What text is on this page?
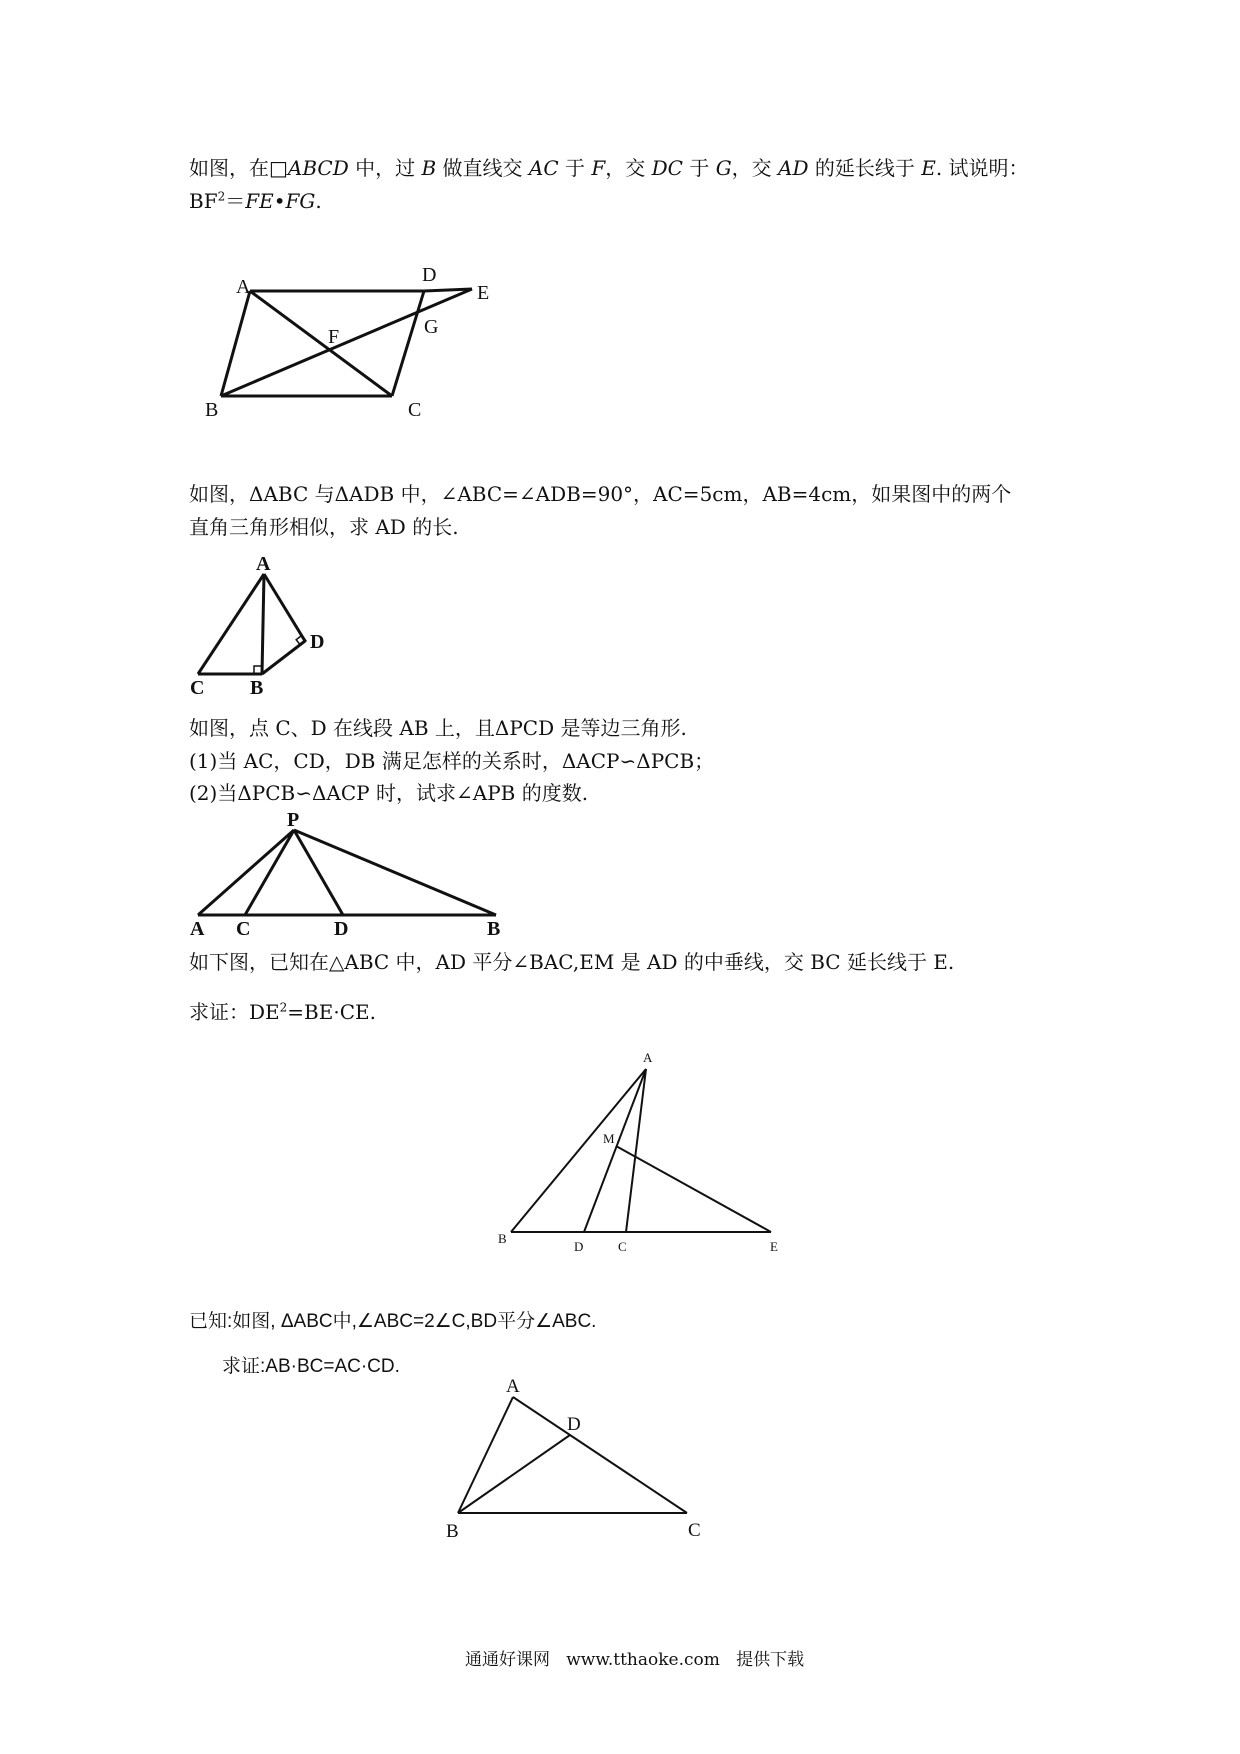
如图，在□ABCD 中，过 B 做直线交 AC 于 F，交 DC 于 G，交 AD 的延长线于 E. 试说明：
$BF^2=FE•FG$.
A
D
E
F	G
B	C
如图，ΔABC 与ΔADB 中，∠ABC=∠ADB=90°，AC=5cm，AB=4cm，如果图中的两个
直角三角形相似，求 AD 的长.
A
D
C B
如图，点 C、D 在线段 AB 上，且ΔPCD 是等边三角形.
(1)当 AC，CD，DB 满足怎样的关系时，ΔACP∽ΔPCB；
(2)当ΔPCB∽ΔACP 时，试求∠APB 的度数.
P
A C	D	B
如下图，已知在△ABC 中，AD 平分∠BAC,EM 是 AD 的中垂线，交 BC 延长线于 E.
求证：$DE^2=BE\cdot CE$.
A
M
B
D	C	E
已知:如图, ΔABC中,∠ABC=2∠C,BD平分∠ABC.
求证:AB·BC=AC·CD.
A
D
B	C
通通好课网 www.tthaoke.com 提供下载
